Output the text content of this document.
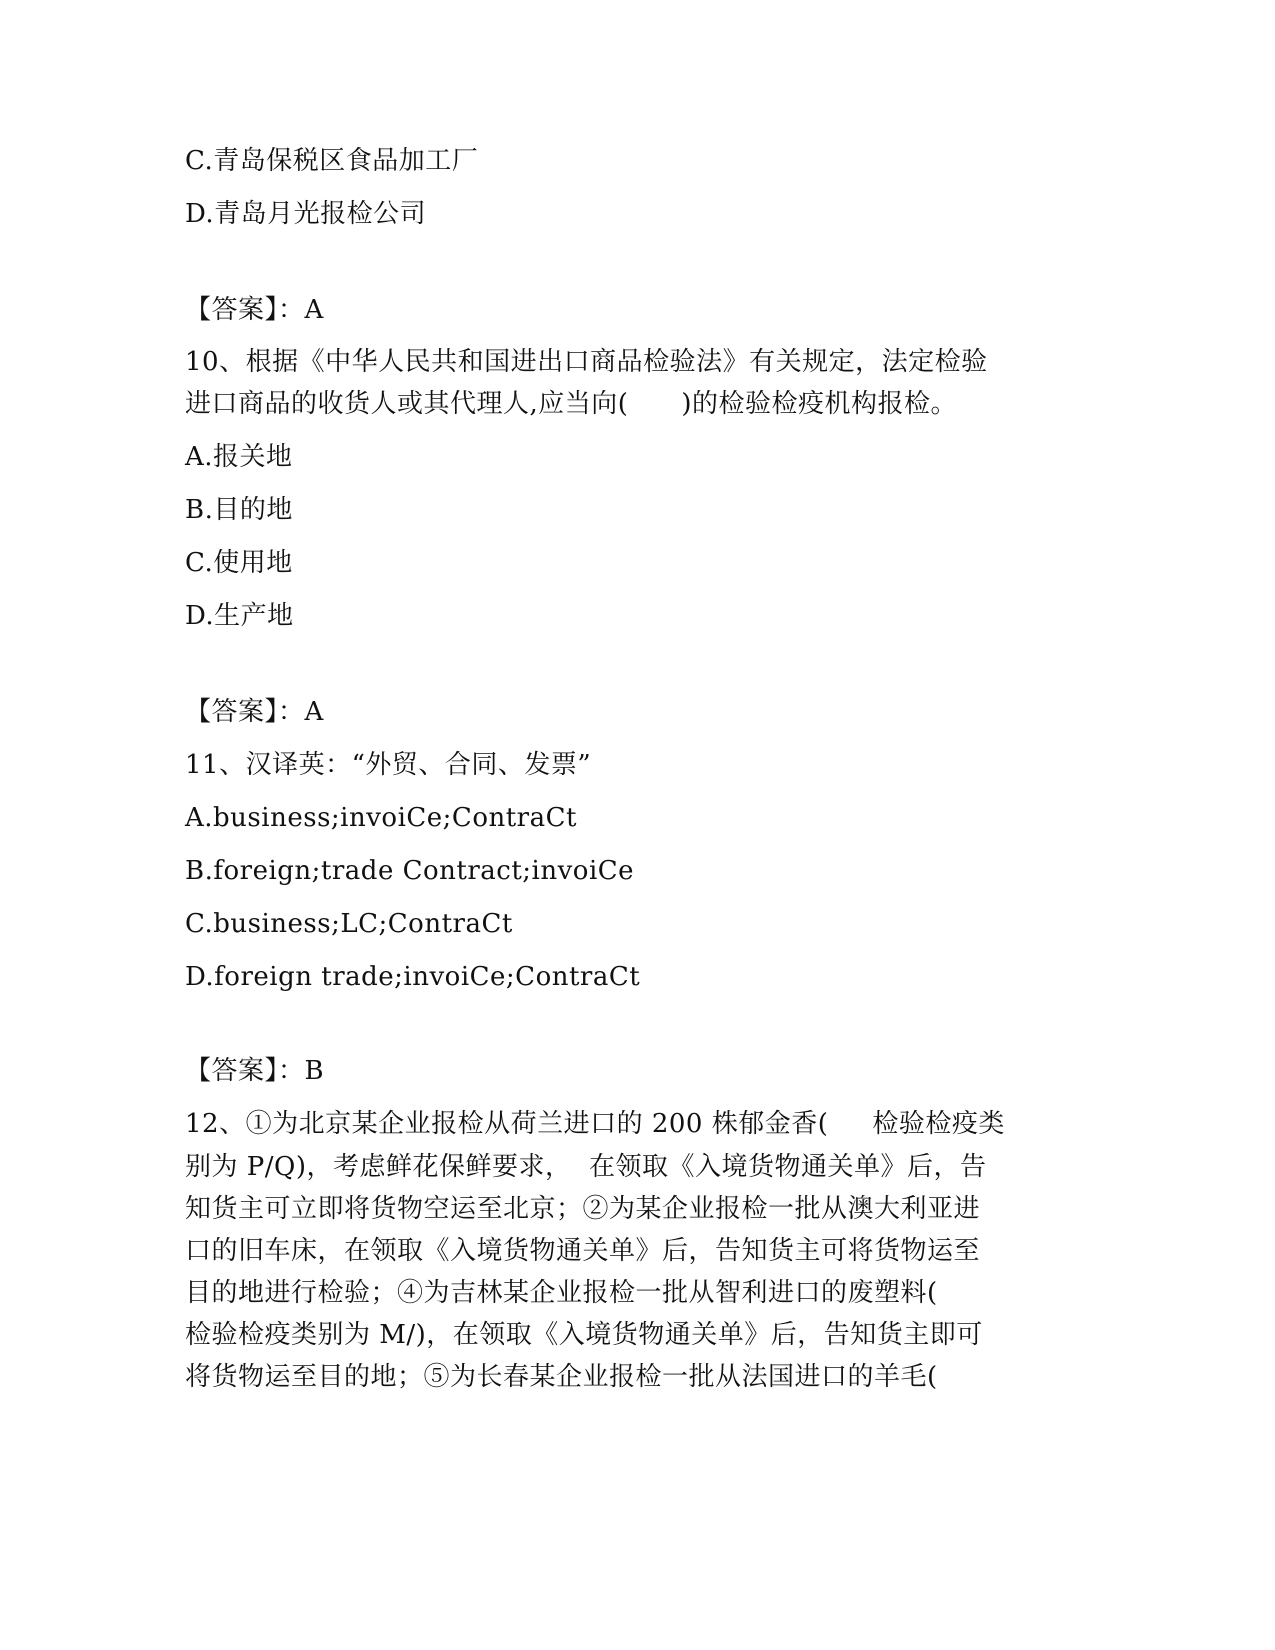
C.青岛保税区食品加工厂
D.青岛月光报检公司
【答案】：A
10、根据《中华人民共和国进出口商品检验法》有关规定，法定检验
进口商品的收货人或其代理人,应当向(　　)的检验检疫机构报检。
A.报关地
B.目的地
C.使用地
D.生产地
【答案】：A
11、汉译英：“外贸、合同、发票”
A.business;invoiCe;ContraCt
B.foreign;trade Contract;invoiCe
C.business;LC;ContraCt
D.foreign trade;invoiCe;ContraCt
【答案】：B
12、①为北京某企业报检从荷兰进口的 200 株郁金香(　  检验检疫类
别为 P/Q)，考虑鲜花保鲜要求，  在领取《入境货物通关单》后，告
知货主可立即将货物空运至北京；②为某企业报检一批从澳大利亚进
口的旧车床，在领取《入境货物通关单》后，告知货主可将货物运至
目的地进行检验；④为吉林某企业报检一批从智利进口的废塑料(
检验检疫类别为 M/)，在领取《入境货物通关单》后，告知货主即可
将货物运至目的地；⑤为长春某企业报检一批从法国进口的羊毛(
